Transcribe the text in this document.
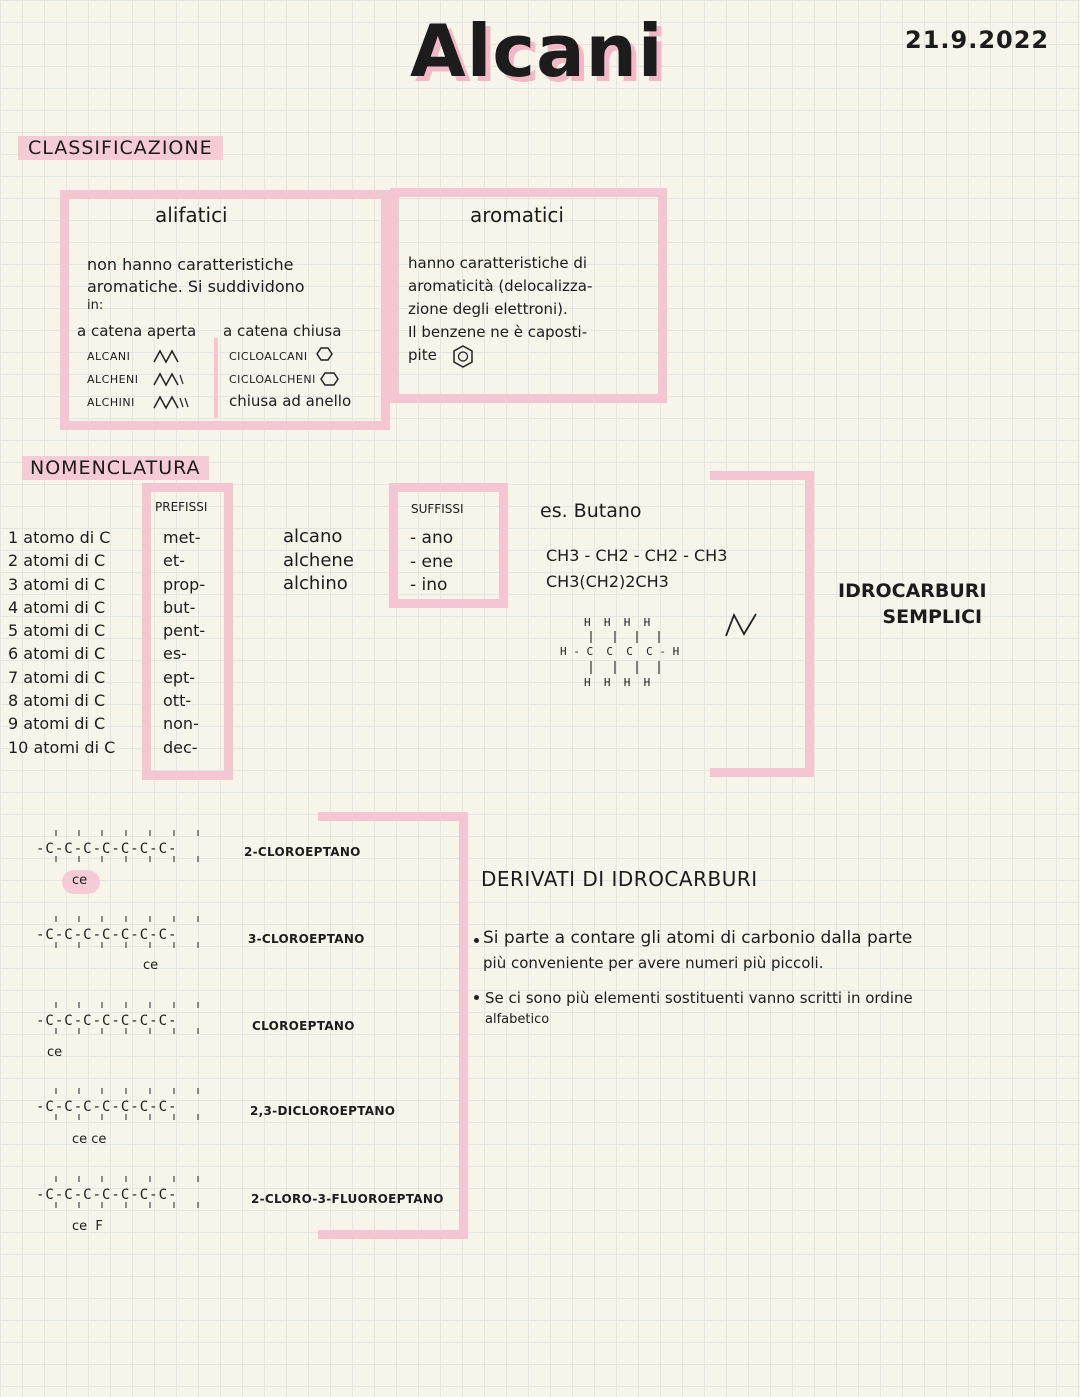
Alcani	21.9.2022
CLASSIFICAZIONE
alifatici
non hanno caratteristiche
aromatiche. Si suddividono
in:
a catena aperta a catena chiusa
ALCANI
ALCHENI
ALCHINI
CICLOALCANI
CICLOALCHENI
chiusa ad anello
aromatici
hanno caratteristiche di
aromaticità (delocalizza-
zione degli elettroni).
Il benzene ne è caposti-
pite
NOMENCLATURA
PREFISSI
1 atomo di C
2 atomi di C
3 atomi di C
4 atomi di C
5 atomi di C
6 atomi di C
7 atomi di C
8 atomi di C
9 atomi di C
10 atomi di C
met-
et-
prop-
but-
pent-
es-
ept-
ott-
non-
dec-
alcano
alchene
alchino
SUFFISSI
- ano
- ene
- ino
es. Butano
CH3 - CH2 - CH2 - CH3
CH3(CH2)2CH3
H  H  H  H
H - C  C  C  C - H
H  H  H  H
IDROCARBURI
SEMPLICI
-C-C-C-C-C-C-C-
ce
2-CLOROEPTANO
-C-C-C-C-C-C-C-
ce
3-CLOROEPTANO
-C-C-C-C-C-C-C-
ce
CLOROEPTANO
-C-C-C-C-C-C-C-
ce ce
2,3-DICLOROEPTANO
-C-C-C-C-C-C-C-
ce  F
2-CLORO-3-FLUOROEPTANO
DERIVATI DI IDROCARBURI
Si parte a contare gli atomi di carbonio dalla parte
più conveniente per avere numeri più piccoli.
Se ci sono più elementi sostituenti vanno scritti in ordine
alfabetico
